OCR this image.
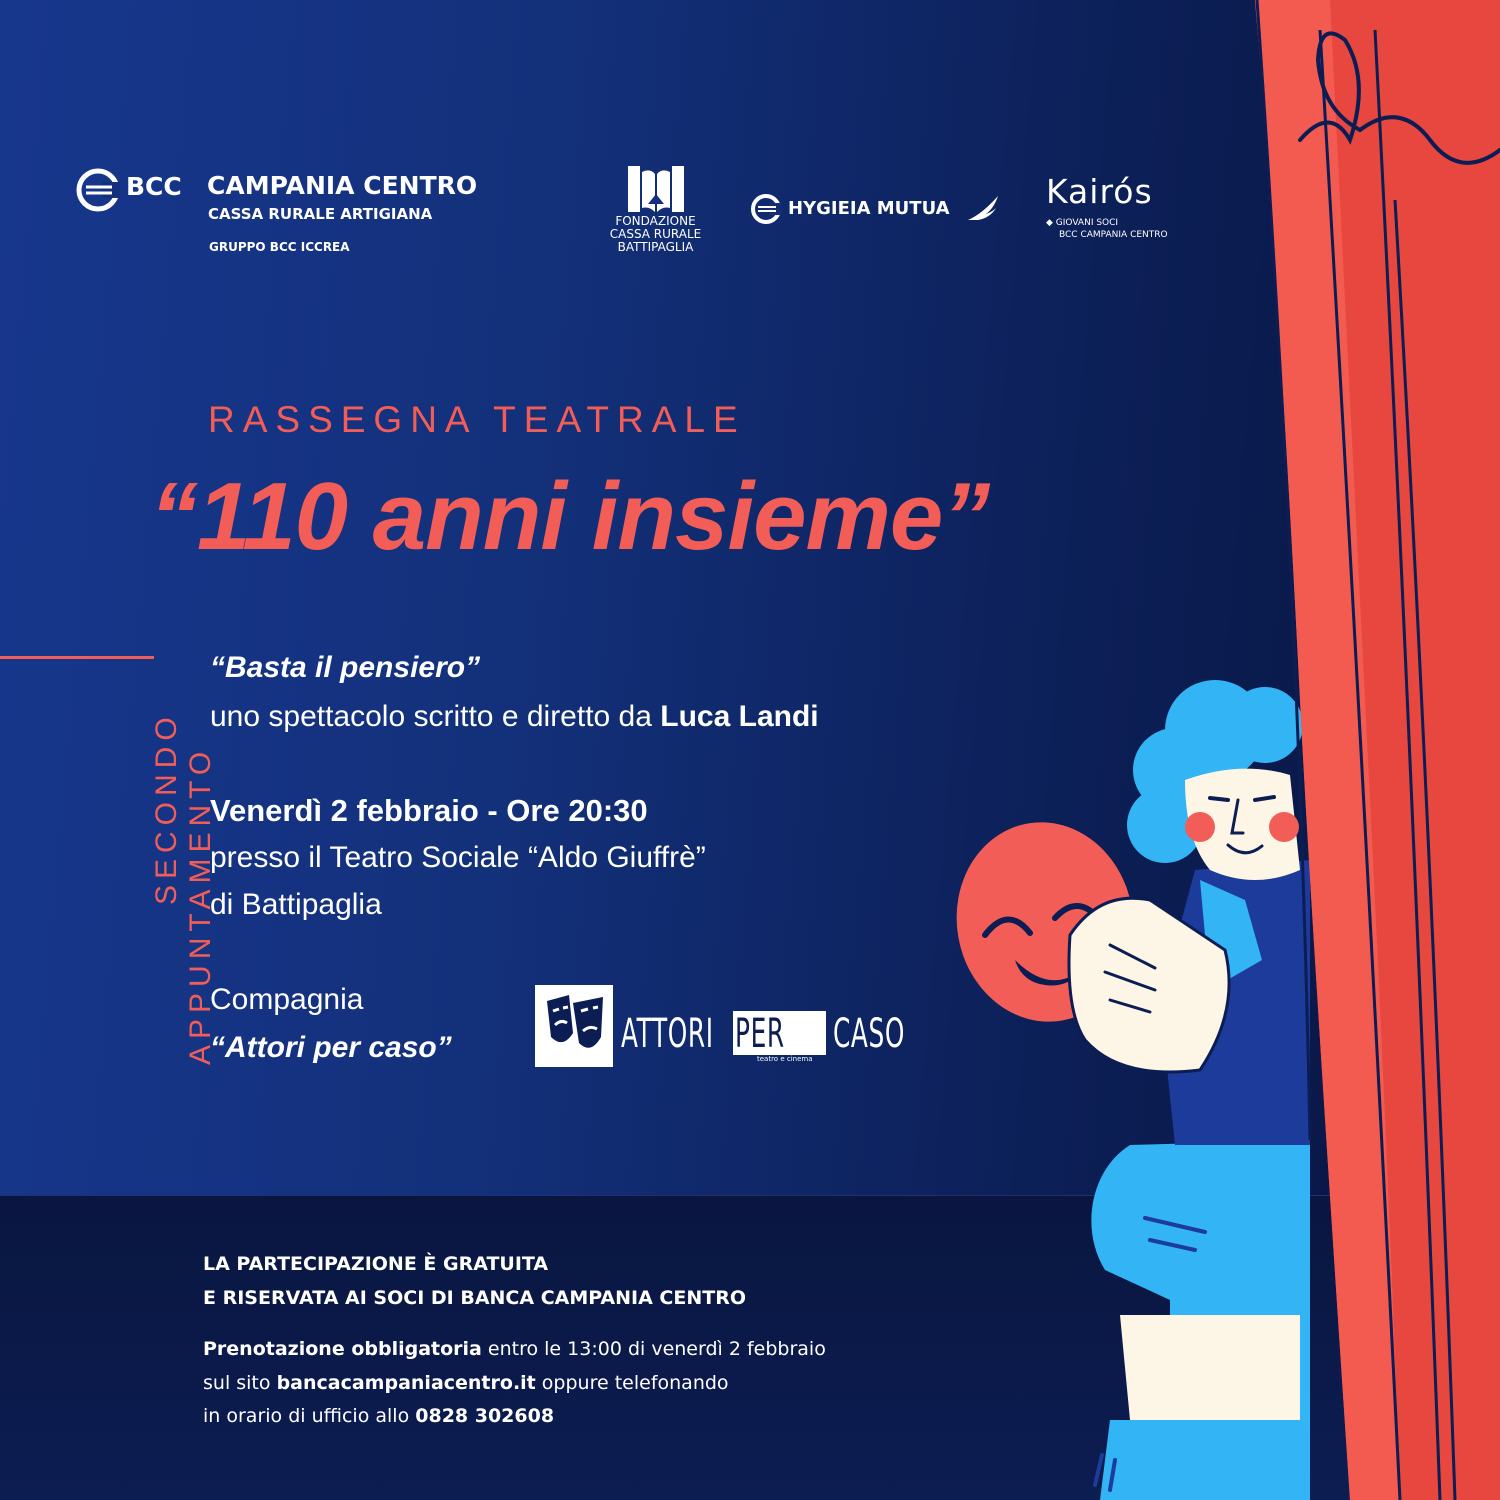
BCC CAMPANIA CENTRO
CASSA RURALE ARTIGIANA
GRUPPO BCC ICCREA
FONDAZIONE
CASSA RURALE
BATTIPAGLIA
HYGIEIA MUTUA	Kairós
◆ GIOVANI SOCI
BCC CAMPANIA CENTRO
RASSEGNA TEATRALE
“110 anni insieme”
SECONDO APPUNTAMENTO
“Basta il pensiero”
uno spettacolo scritto e diretto da Luca Landi
Venerdì 2 febbraio - Ore 20:30
presso il Teatro Sociale “Aldo Giuffrè”
di Battipaglia
Compagnia
“Attori per caso”	ATTORI PER CASO
teatro e cinema
LA PARTECIPAZIONE È GRATUITA
E RISERVATA AI SOCI DI BANCA CAMPANIA CENTRO
Prenotazione obbligatoria entro le 13:00 di venerdì 2 febbraio
sul sito bancacampaniacentro.it oppure telefonando
in orario di ufficio allo 0828 302608
